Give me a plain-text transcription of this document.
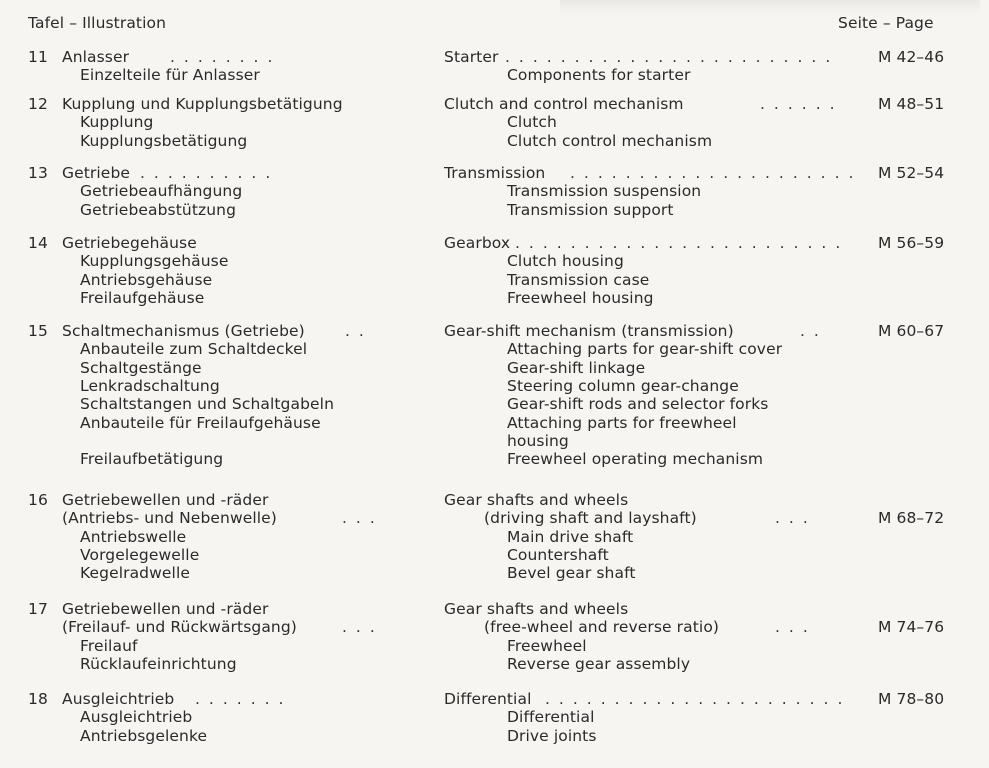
Tafel – Illustration	Seite – Page
11 Anlasser	Starter	M 42–46
........	........................
Einzelteile für Anlasser	Components for starter
12 Kupplung und Kupplungsbetätigung	Clutch and control mechanism	M 48–51
......
Kupplung	Clutch
Kupplungsbetätigung	Clutch control mechanism
13 Getriebe	Transmission	M 52–54
..........	.....................
Getriebeaufhängung	Transmission suspension
Getriebeabstützung	Transmission support
14 Getriebegehäuse	Gearbox	M 56–59
........................
Kupplungsgehäuse	Clutch housing
Antriebsgehäuse	Transmission case
Freilaufgehäuse	Freewheel housing
15 Schaltmechanismus (Getriebe)	Gear-shift mechanism (transmission)	M 60–67
..	..
Anbauteile zum Schaltdeckel	Attaching parts for gear-shift cover
Schaltgestänge	Gear-shift linkage
Lenkradschaltung	Steering column gear-change
Schaltstangen und Schaltgabeln	Gear-shift rods and selector forks
Anbauteile für Freilaufgehäuse	Attaching parts for freewheel
housing
Freilaufbetätigung	Freewheel operating mechanism
16 Getriebewellen und -räder	Gear shafts and wheels
(Antriebs- und Nebenwelle)	(driving shaft and layshaft)	M 68–72
...	...
Antriebswelle	Main drive shaft
Vorgelegewelle	Countershaft
Kegelradwelle	Bevel gear shaft
17 Getriebewellen und -räder	Gear shafts and wheels
(Freilauf- und Rückwärtsgang)	(free-wheel and reverse ratio)	M 74–76
...	...
Freilauf	Freewheel
Rücklaufeinrichtung	Reverse gear assembly
18 Ausgleichtrieb	Differential	M 78–80
.......	......................
Ausgleichtrieb	Differential
Antriebsgelenke	Drive joints
